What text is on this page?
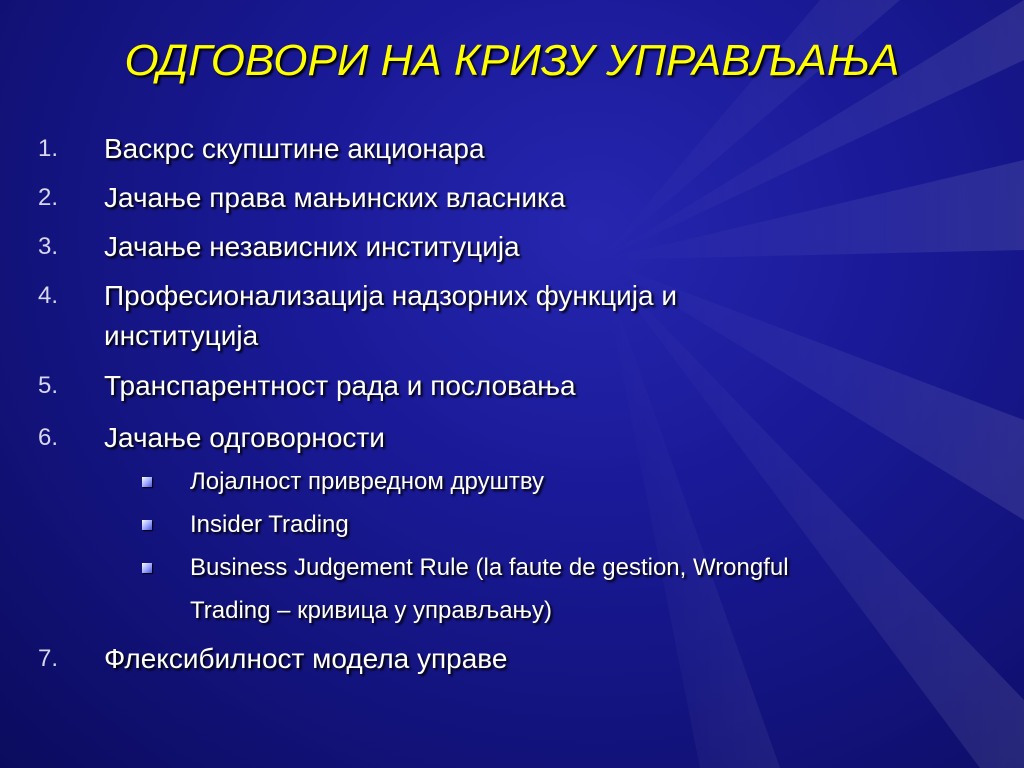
ОДГОВОРИ НА КРИЗУ УПРАВЉАЊА
1.	Васкрс скупштине акционара
2.	Јачање права мањинских власника
3.	Јачање независних институција
4.	Професионализација надзорних функција и
институција
5.	Транспарентност рада и пословања
6.	Јачање одговорности
Лојалност привредном друштву
Insider Trading
Business Judgement Rule (la faute de gestion, Wrongful
Trading – кривица у управљању)
7.	Флексибилност модела управе
